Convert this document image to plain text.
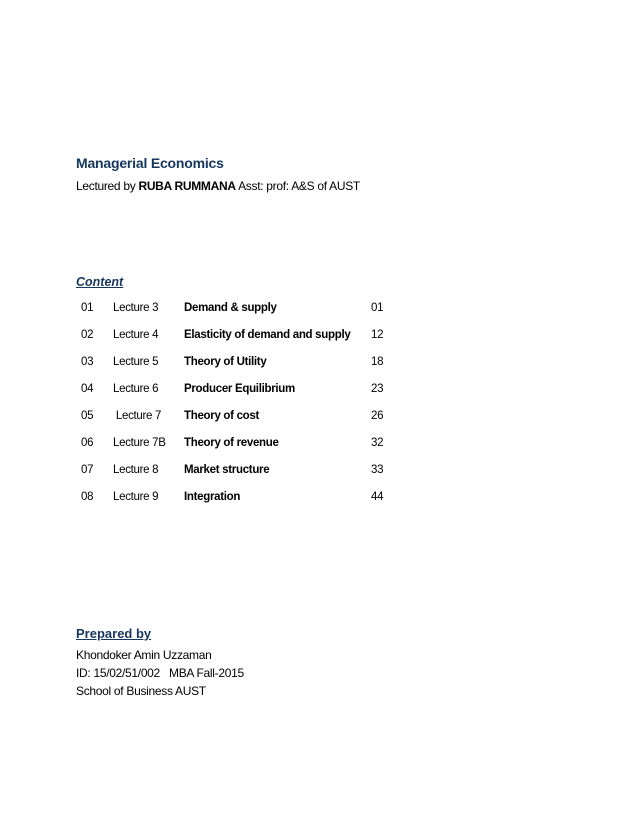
Managerial Economics
Lectured by RUBA RUMMANA Asst: prof: A&S of AUST
Content
01 Lecture 3 Demand & supply	01
02 Lecture 4 Elasticity of demand and supply 12
03 Lecture 5 Theory of Utility	18
04 Lecture 6 Producer Equilibrium	23
05 Lecture 7 Theory of cost	26
06 Lecture 7B Theory of revenue	32
07 Lecture 8 Market structure	33
08 Lecture 9 Integration	44
Prepared by
Khondoker Amin Uzzaman
ID: 15/02/51/002   MBA Fall-2015
School of Business AUST
